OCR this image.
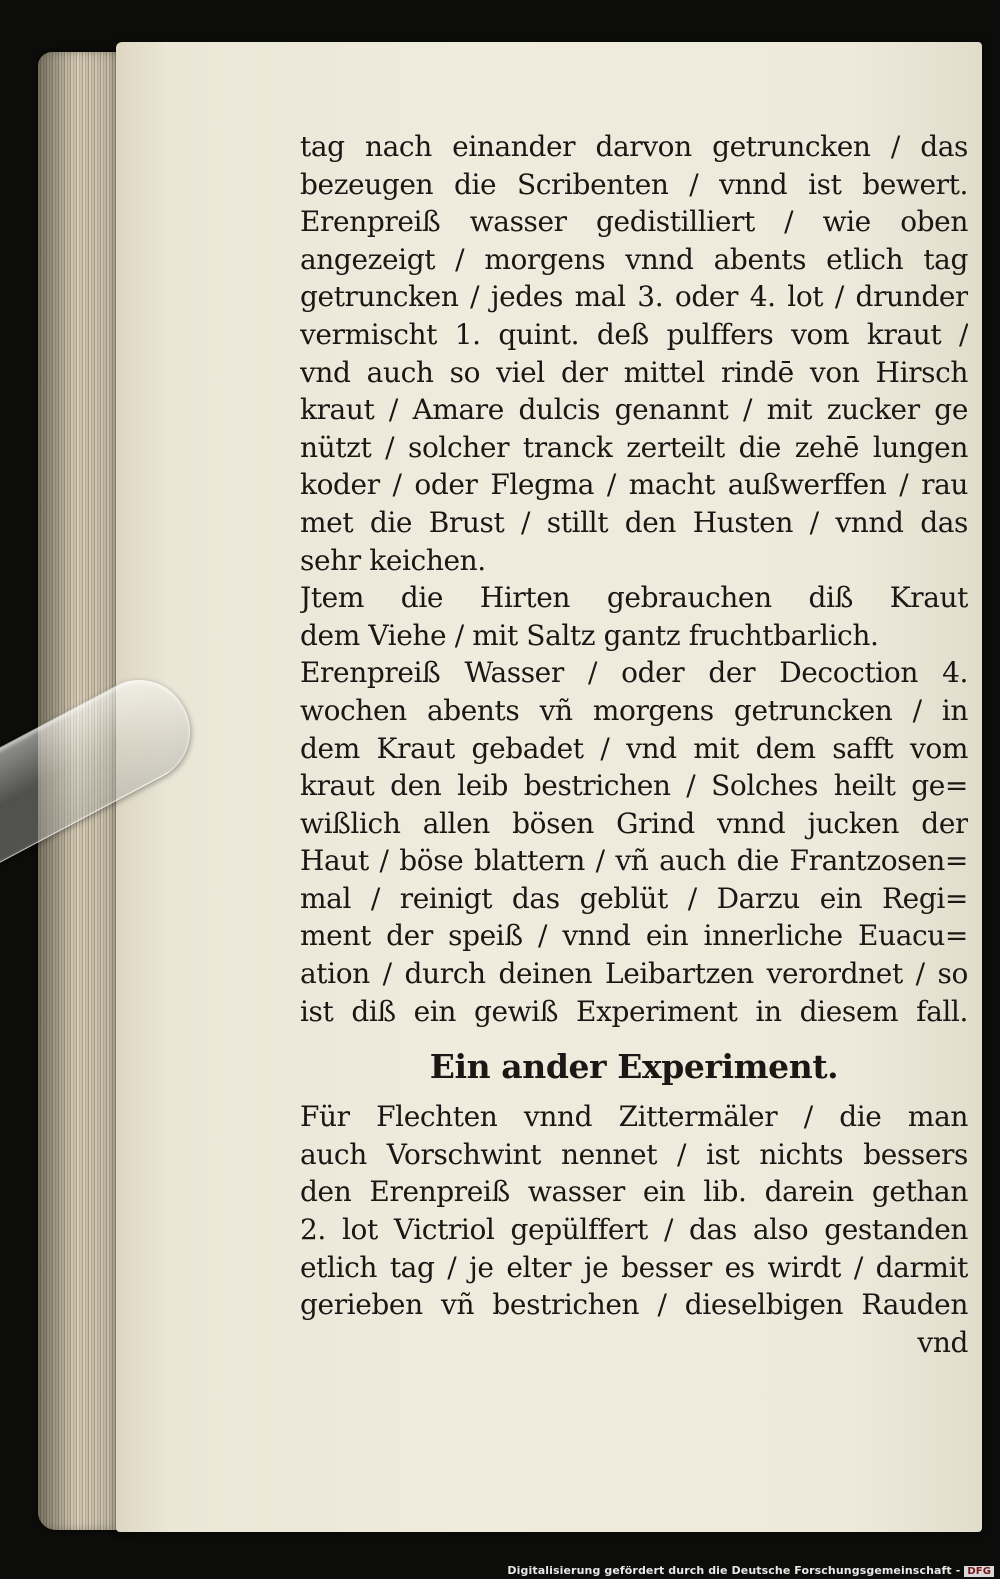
tag nach einander darvon getruncken / das
bezeugen die Scribenten / vnnd ist bewert.
Erenpreiß wasser gedistilliert / wie oben
angezeigt / morgens vnnd abents etlich tag
getruncken / jedes mal 3. oder 4. lot / drunder
vermischt 1. quint. deß pulffers vom kraut /
vnd auch so viel der mittel rindē von Hirsch
kraut / Amare dulcis genannt / mit zucker ge
nützt / solcher tranck zerteilt die zehē lungen
koder / oder Flegma / macht außwerffen / rau
met die Brust / stillt den Husten / vnnd das
sehr keichen.
Jtem die Hirten gebrauchen diß Kraut
dem Viehe / mit Saltz gantz fruchtbarlich.
Erenpreiß Wasser / oder der Decoction 4.
wochen abents vñ morgens getruncken / in
dem Kraut gebadet / vnd mit dem safft vom
kraut den leib bestrichen / Solches heilt ge=
wißlich allen bösen Grind vnnd jucken der
Haut / böse blattern / vñ auch die Frantzosen=
mal / reinigt das geblüt / Darzu ein Regi=
ment der speiß / vnnd ein innerliche Euacu=
ation / durch deinen Leibartzen verordnet / so
ist diß ein gewiß Experiment in diesem fall.
Ein ander Experiment.
Für Flechten vnnd Zittermäler / die man
auch Vorschwint nennet / ist nichts bessers
den Erenpreiß wasser ein lib. darein gethan
2. lot Victriol gepülffert / das also gestanden
etlich tag / je elter je besser es wirdt / darmit
gerieben vñ bestrichen / dieselbigen Rauden
vnd
Digitalisierung gefördert durch die Deutsche Forschungsgemeinschaft - DFG
